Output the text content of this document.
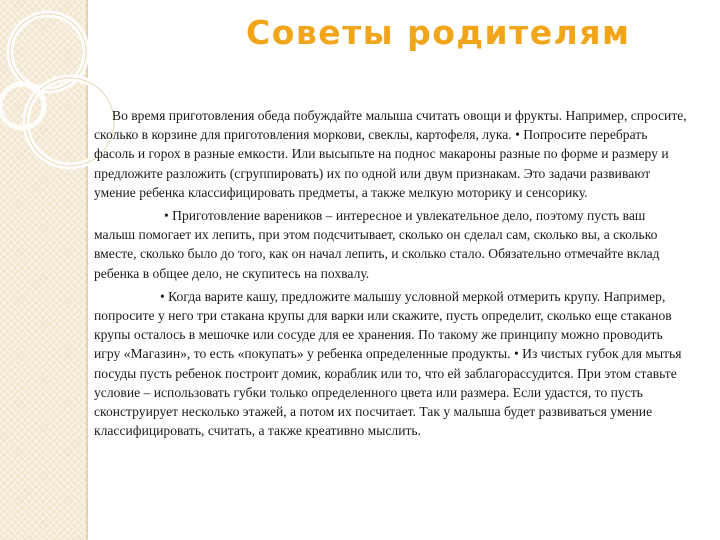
Советы родителям

Во время приготовления обеда побуждайте малыша считать овощи и фрукты. Например, спросите, сколько в корзине для приготовления моркови, свеклы, картофеля, лука. • Попросите перебрать фасоль и горох в разные емкости. Или высыпьте на поднос макароны разные по форме и размеру и предложите разложить (сгруппировать) их по одной или двум признакам. Это задачи развивают умение ребенка классифицировать предметы, а также мелкую моторику и сенсорику.

• Приготовление вареников – интересное и увлекательное дело, поэтому пусть ваш малыш помогает их лепить, при этом подсчитывает, сколько он сделал сам, сколько вы, а сколько вместе, сколько было до того, как он начал лепить, и сколько стало. Обязательно отмечайте вклад ребенка в общее дело, не скупитесь на похвалу.

• Когда варите кашу, предложите малышу условной меркой отмерить крупу. Например, попросите у него три стакана крупы для варки или скажите, пусть определит, сколько еще стаканов крупы осталось в мешочке или сосуде для ее хранения. По такому же принципу можно проводить игру «Магазин», то есть «покупать» у ребенка определенные продукты. • Из чистых губок для мытья посуды пусть ребенок построит домик, кораблик или то, что ей заблагорассудится. При этом ставьте условие – использовать губки только определенного цвета или размера. Если удастся, то пусть сконструирует несколько этажей, а потом их посчитает. Так у малыша будет развиваться умение классифицировать, считать, а также креативно мыслить.
